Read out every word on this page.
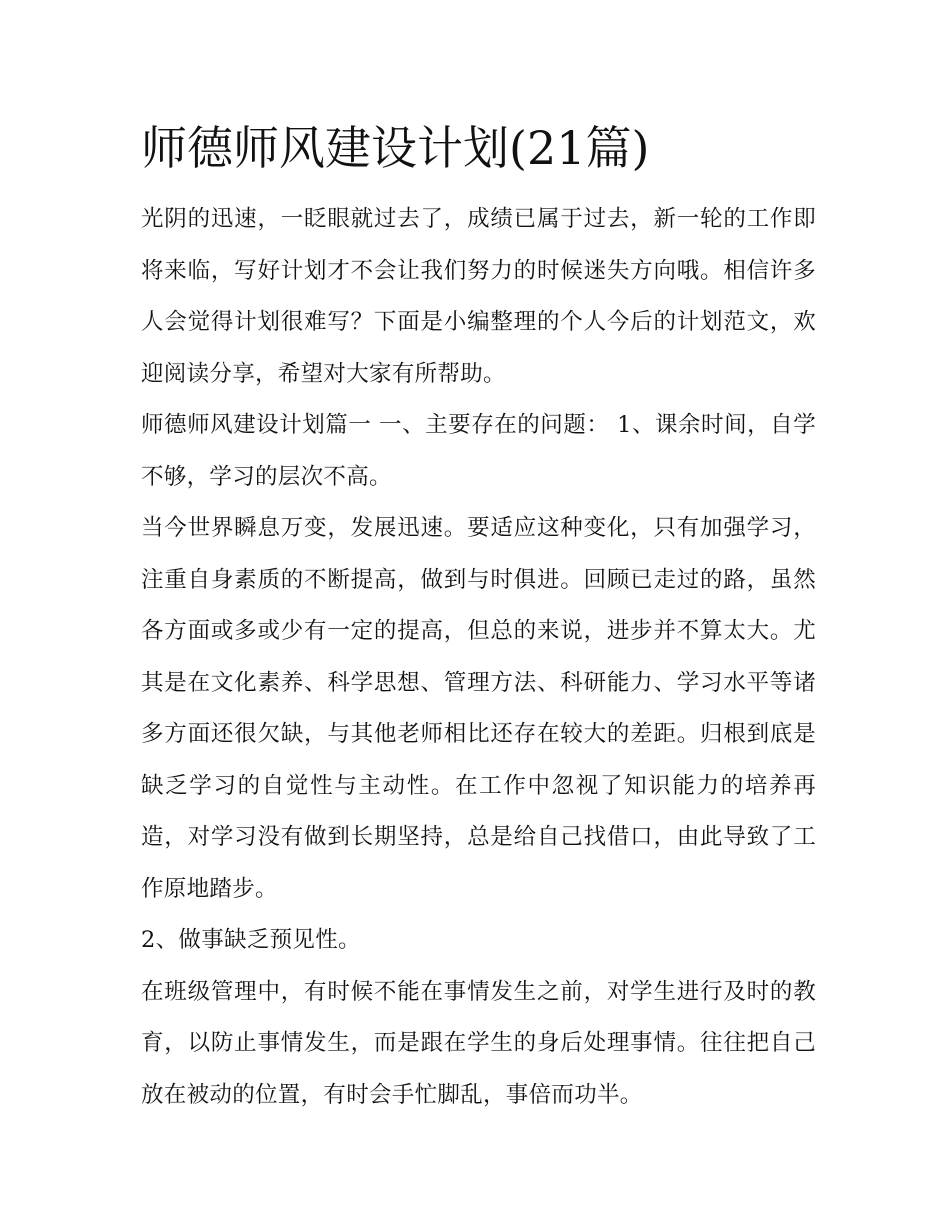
师德师风建设计划(21篇)

光阴的迅速，一眨眼就过去了，成绩已属于过去，新一轮的工作即将来临，写好计划才不会让我们努力的时候迷失方向哦。相信许多人会觉得计划很难写？下面是小编整理的个人今后的计划范文，欢迎阅读分享，希望对大家有所帮助。

师德师风建设计划篇一 一、主要存在的问题： 1、课余时间，自学不够，学习的层次不高。

当今世界瞬息万变，发展迅速。要适应这种变化，只有加强学习，注重自身素质的不断提高，做到与时俱进。回顾已走过的路，虽然各方面或多或少有一定的提高，但总的来说，进步并不算太大。尤其是在文化素养、科学思想、管理方法、科研能力、学习水平等诸多方面还很欠缺，与其他老师相比还存在较大的差距。归根到底是缺乏学习的自觉性与主动性。在工作中忽视了知识能力的培养再造，对学习没有做到长期坚持，总是给自己找借口，由此导致了工作原地踏步。

2、做事缺乏预见性。

在班级管理中，有时候不能在事情发生之前，对学生进行及时的教育，以防止事情发生，而是跟在学生的身后处理事情。往往把自己放在被动的位置，有时会手忙脚乱，事倍而功半。
